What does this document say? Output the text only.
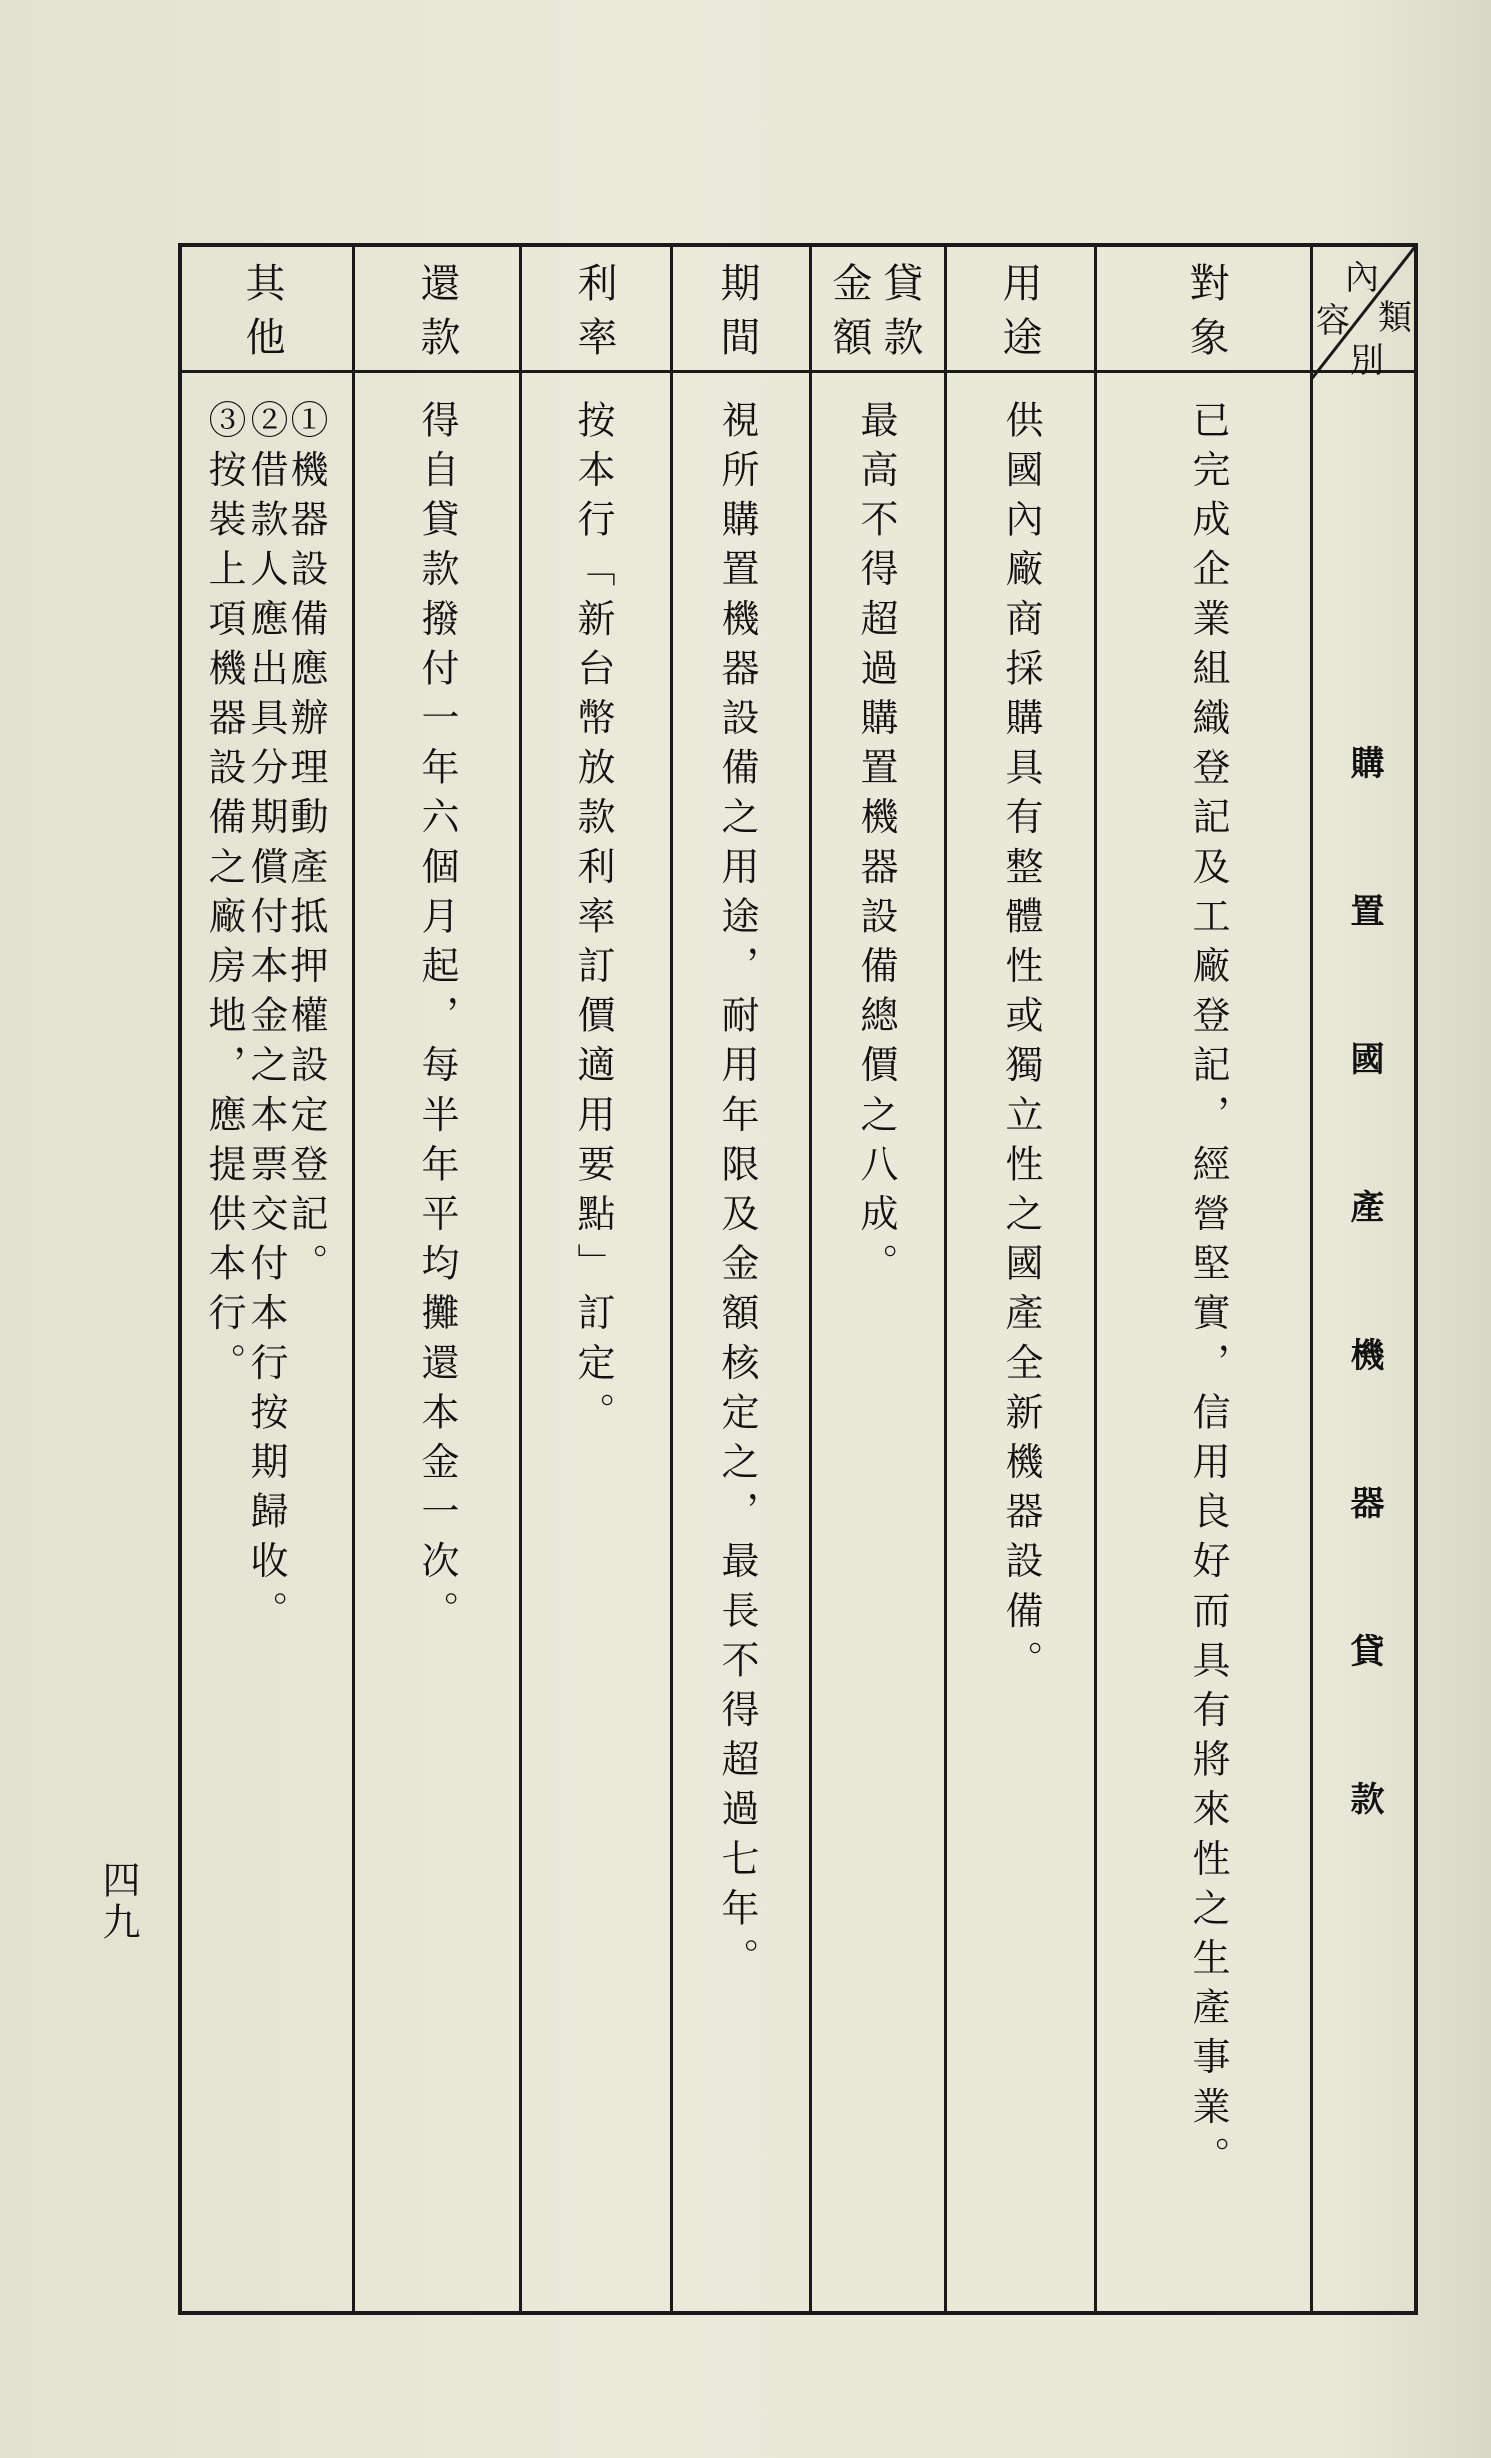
內
類
容
別
購置國產機器貸款
對象
用途
貸款
金額
期間
利率
還款
其他
已完成企業組織登記及工廠登記，經營堅實，信用良好而具有將來性之生產事業。
供國內廠商採購具有整體性或獨立性之國產全新機器設備。
最高不得超過購置機器設備總價之八成。
視所購置機器設備之用途，耐用年限及金額核定之，最長不得超過七年。
按本行「新台幣放款利率訂價適用要點」訂定。
得自貸款撥付一年六個月起，每半年平均攤還本金一次。
①機器設備應辦理動產抵押權設定登記。
②借款人應出具分期償付本金之本票交付本行按期歸收。
③按裝上項機器設備之廠房地，應提供本行。
四九
